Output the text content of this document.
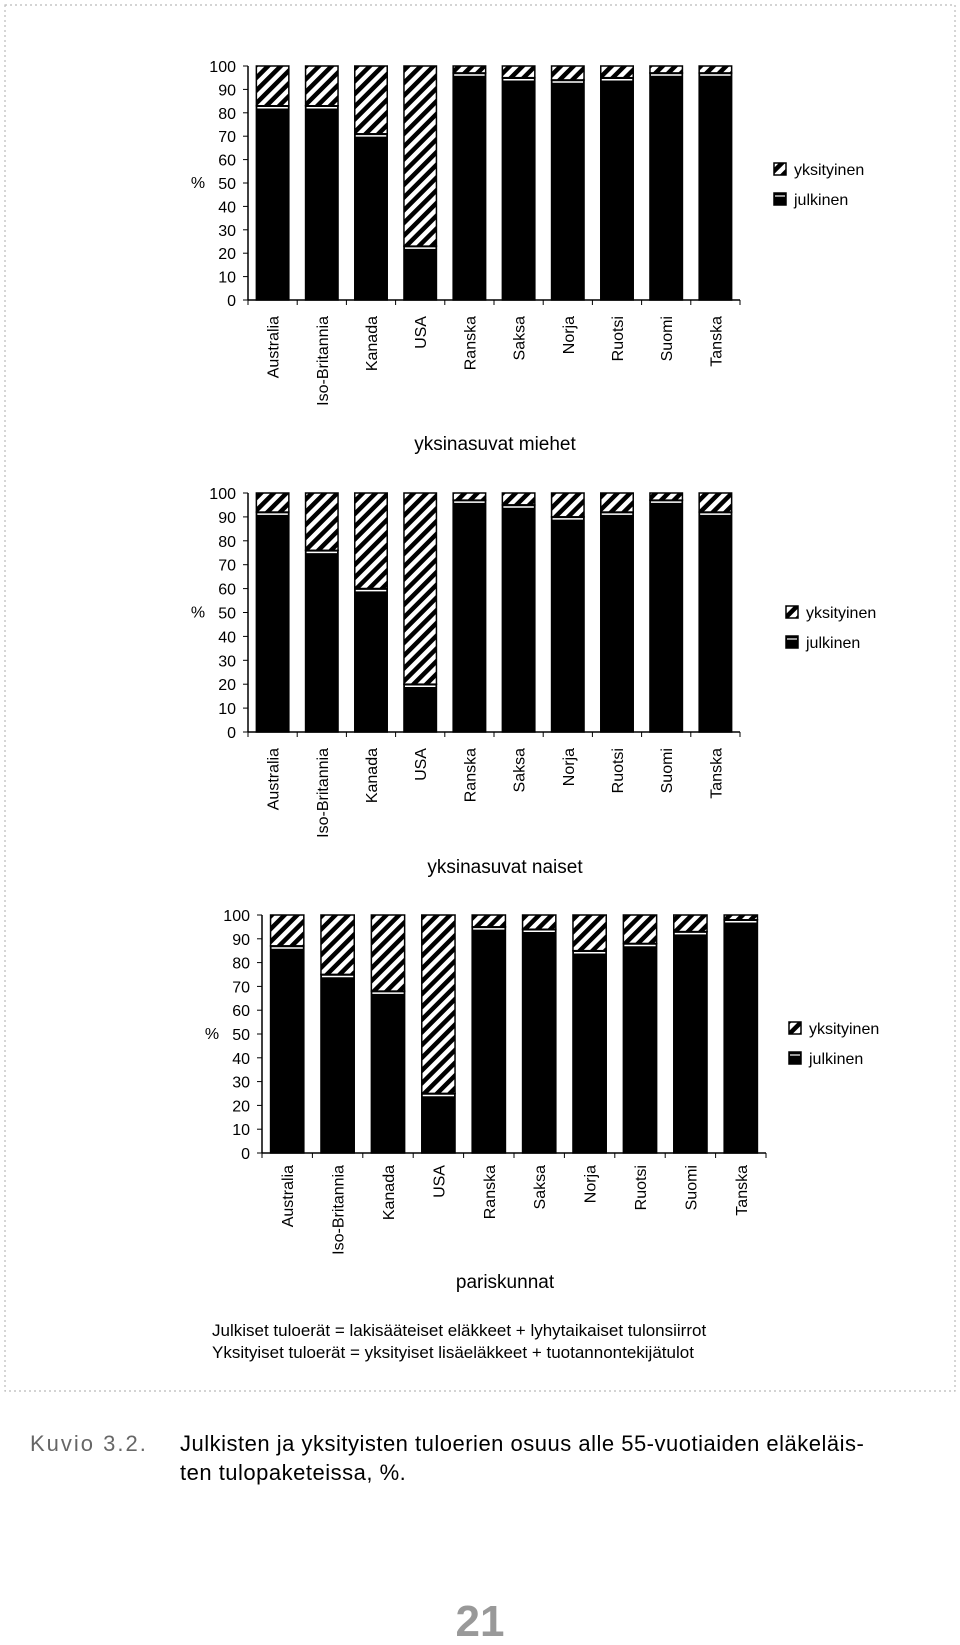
0
10
20
30
40
50
60
70
80
90
100
%
Australia Iso-Britannia Kanada USA Ranska Saksa Norja Ruotsi Suomi Tanska
yksinasuvat miehet
yksityinen
julkinen
0
10
20
30
40
50
60
70
80
90
100
%
Australia Iso-Britannia Kanada USA Ranska Saksa Norja Ruotsi Suomi Tanska
yksinasuvat naiset
yksityinen
julkinen
0
10
20
30
40
50
60
70
80
90
100
%
Australia Iso-Britannia Kanada USA Ranska Saksa Norja Ruotsi Suomi Tanska
pariskunnat
yksityinen
julkinen
Julkiset tuloerät = lakisääteiset eläkkeet + lyhytaikaiset tulonsiirrot
Yksityiset tuloerät = yksityiset lisäeläkkeet + tuotannontekijätulot
Kuvio 3.2. Julkisten ja yksityisten tuloerien osuus alle 55-vuotiaiden eläkeläis-
ten tulopaketeissa, %.
21
